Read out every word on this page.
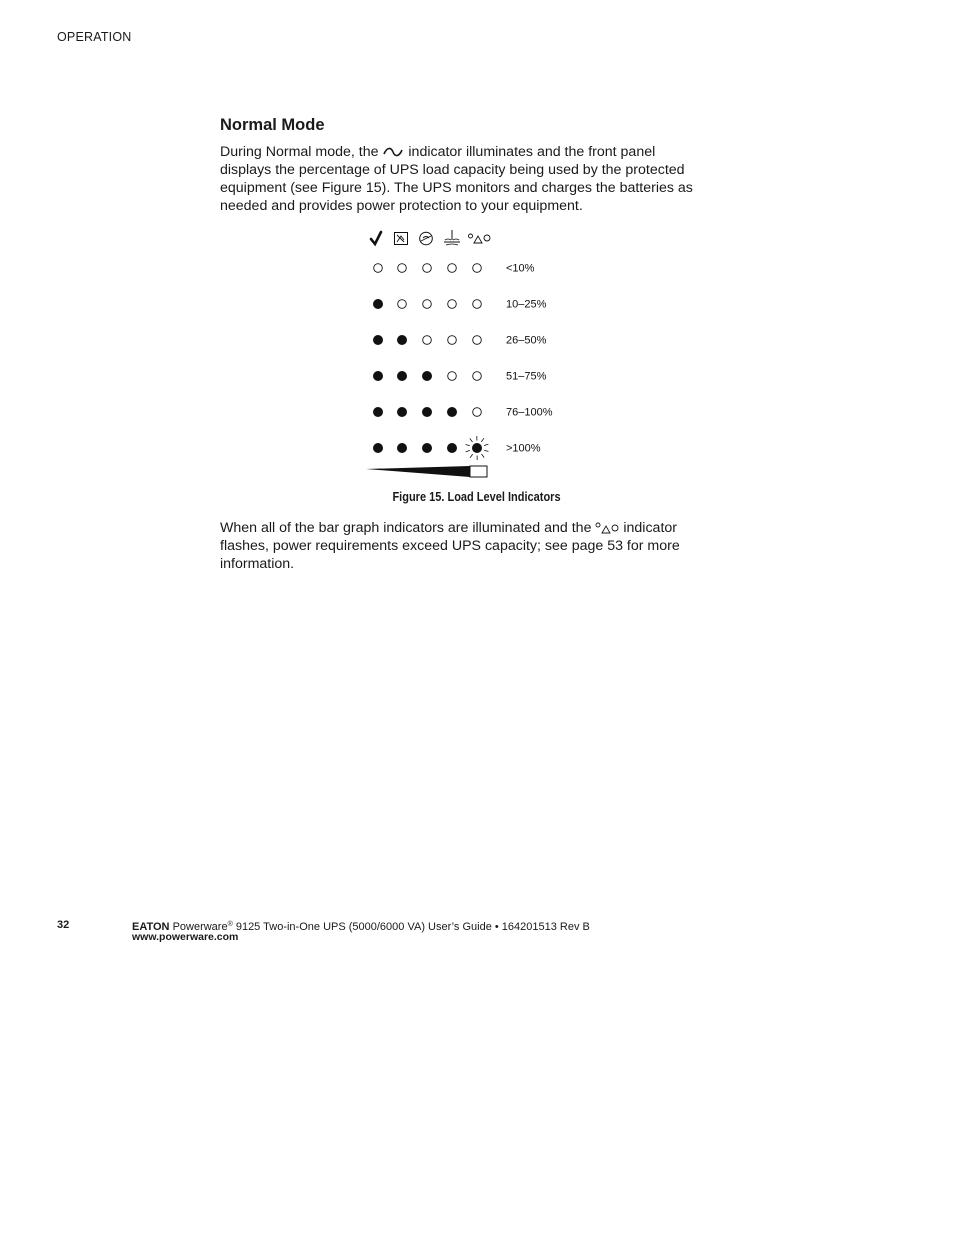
OPERATION
Normal Mode

During Normal mode, the indicator illuminates and the front panel displays the percentage of UPS load capacity being used by the protected equipment (see Figure 15). The UPS monitors and charges the batteries as needed and provides power protection to your equipment.

<10%
10–25%
26–50%
51–75%
76–100%
>100%
Figure 15. Load Level Indicators

When all of the bar graph indicators are illuminated and the indicator flashes, power requirements exceed UPS capacity; see page 53 for more information.

32	EATON Powerware® 9125 Two-in-One UPS (5000/6000 VA) User’s Guide • 164201513 Rev B
www.powerware.com
